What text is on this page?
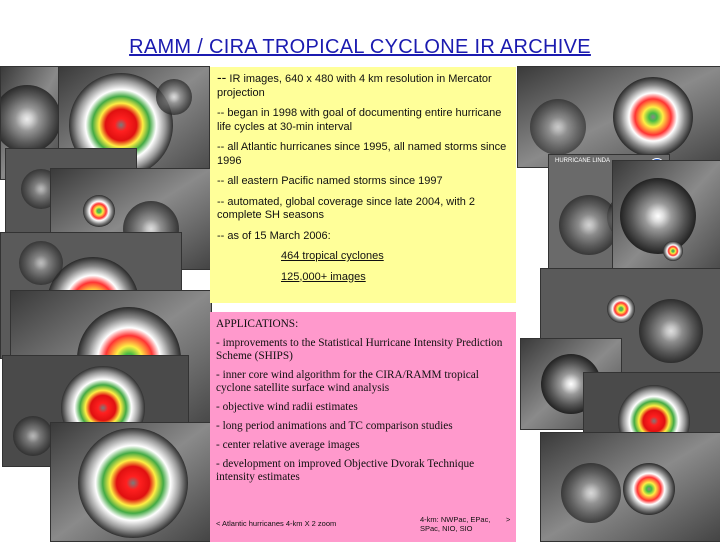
RAMM / CIRA TROPICAL CYCLONE IR ARCHIVE
HURRICANE LINDA

-- IR images, 640 x 480 with 4 km resolution in Mercator projection

-- began in 1998 with goal of documenting entire hurricane life cycles at 30-min interval

-- all Atlantic hurricanes since 1995, all named storms since 1996

-- all eastern Pacific named storms since 1997

-- automated, global coverage since late 2004, with 2 complete SH seasons

-- as of 15 March 2006:

464 tropical cyclones

125,000+ images

APPLICATIONS:

- improvements to the Statistical Hurricane Intensity Prediction Scheme (SHIPS)

- inner core wind algorithm for the CIRA/RAMM tropical cyclone satellite surface wind analysis

- objective wind radii estimates

- long period animations and TC comparison studies

- center relative average images

- development on improved Objective Dvorak Technique intensity estimates

< Atlantic hurricanes 4-km X 2 zoom	4-km: NWPac, EPac, SPac, NIO, SIO
>
